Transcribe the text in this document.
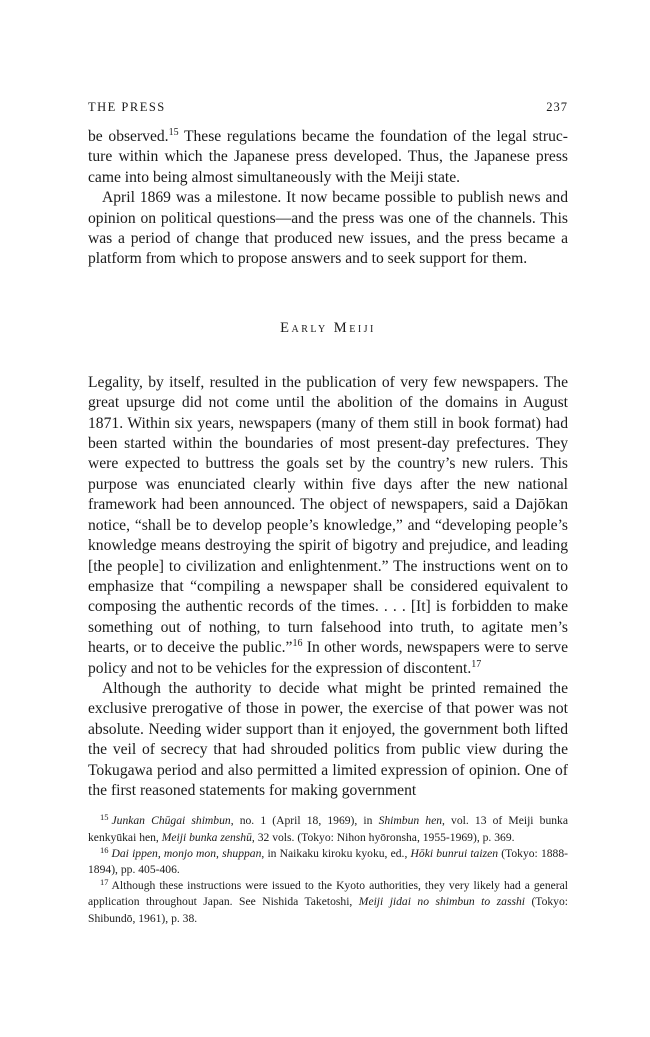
THE PRESS	237

be observed.$^{15}$ These regulations became the foundation of the legal structure within which the Japanese press developed. Thus, the Japanese press came into being almost simultaneously with the Meiji state.

April 1869 was a milestone. It now became possible to publish news and opinion on political questions—and the press was one of the channels. This was a period of change that produced new issues, and the press became a platform from which to propose answers and to seek support for them.

Early Meiji

Legality, by itself, resulted in the publication of very few newspapers. The great upsurge did not come until the abolition of the domains in August 1871. Within six years, newspapers (many of them still in book format) had been started within the boundaries of most present-day prefectures. They were expected to buttress the goals set by the country’s new rulers. This purpose was enunciated clearly within five days after the new national framework had been announced. The object of newspapers, said a Dajōkan notice, “shall be to develop people’s knowledge,” and “developing people’s knowledge means destroying the spirit of bigotry and prejudice, and leading [the people] to civilization and enlightenment.” The instructions went on to emphasize that “compiling a newspaper shall be considered equivalent to composing the authentic records of the times. . . . [It] is forbidden to make something out of nothing, to turn falsehood into truth, to agitate men’s hearts, or to deceive the public.”$^{16}$ In other words, newspapers were to serve policy and not to be vehicles for the expression of discontent.$^{17}$

Although the authority to decide what might be printed remained the exclusive prerogative of those in power, the exercise of that power was not absolute. Needing wider support than it enjoyed, the government both lifted the veil of secrecy that had shrouded politics from public view during the Tokugawa period and also permitted a limited expression of opinion. One of the first reasoned statements for making government

$^{15}$ Junkan Chūgai shimbun, no. 1 (April 18, 1969), in Shimbun hen, vol. 13 of Meiji bunka kenkyūkai hen, Meiji bunka zenshū, 32 vols. (Tokyo: Nihon hyōronsha, 1955-1969), p. 369.

$^{16}$ Dai ippen, monjo mon, shuppan, in Naikaku kiroku kyoku, ed., Hōki bunrui taizen (Tokyo: 1888-1894), pp. 405-406.

$^{17}$ Although these instructions were issued to the Kyoto authorities, they very likely had a general application throughout Japan. See Nishida Taketoshi, Meiji jidai no shimbun to zasshi (Tokyo: Shibundō, 1961), p. 38.
